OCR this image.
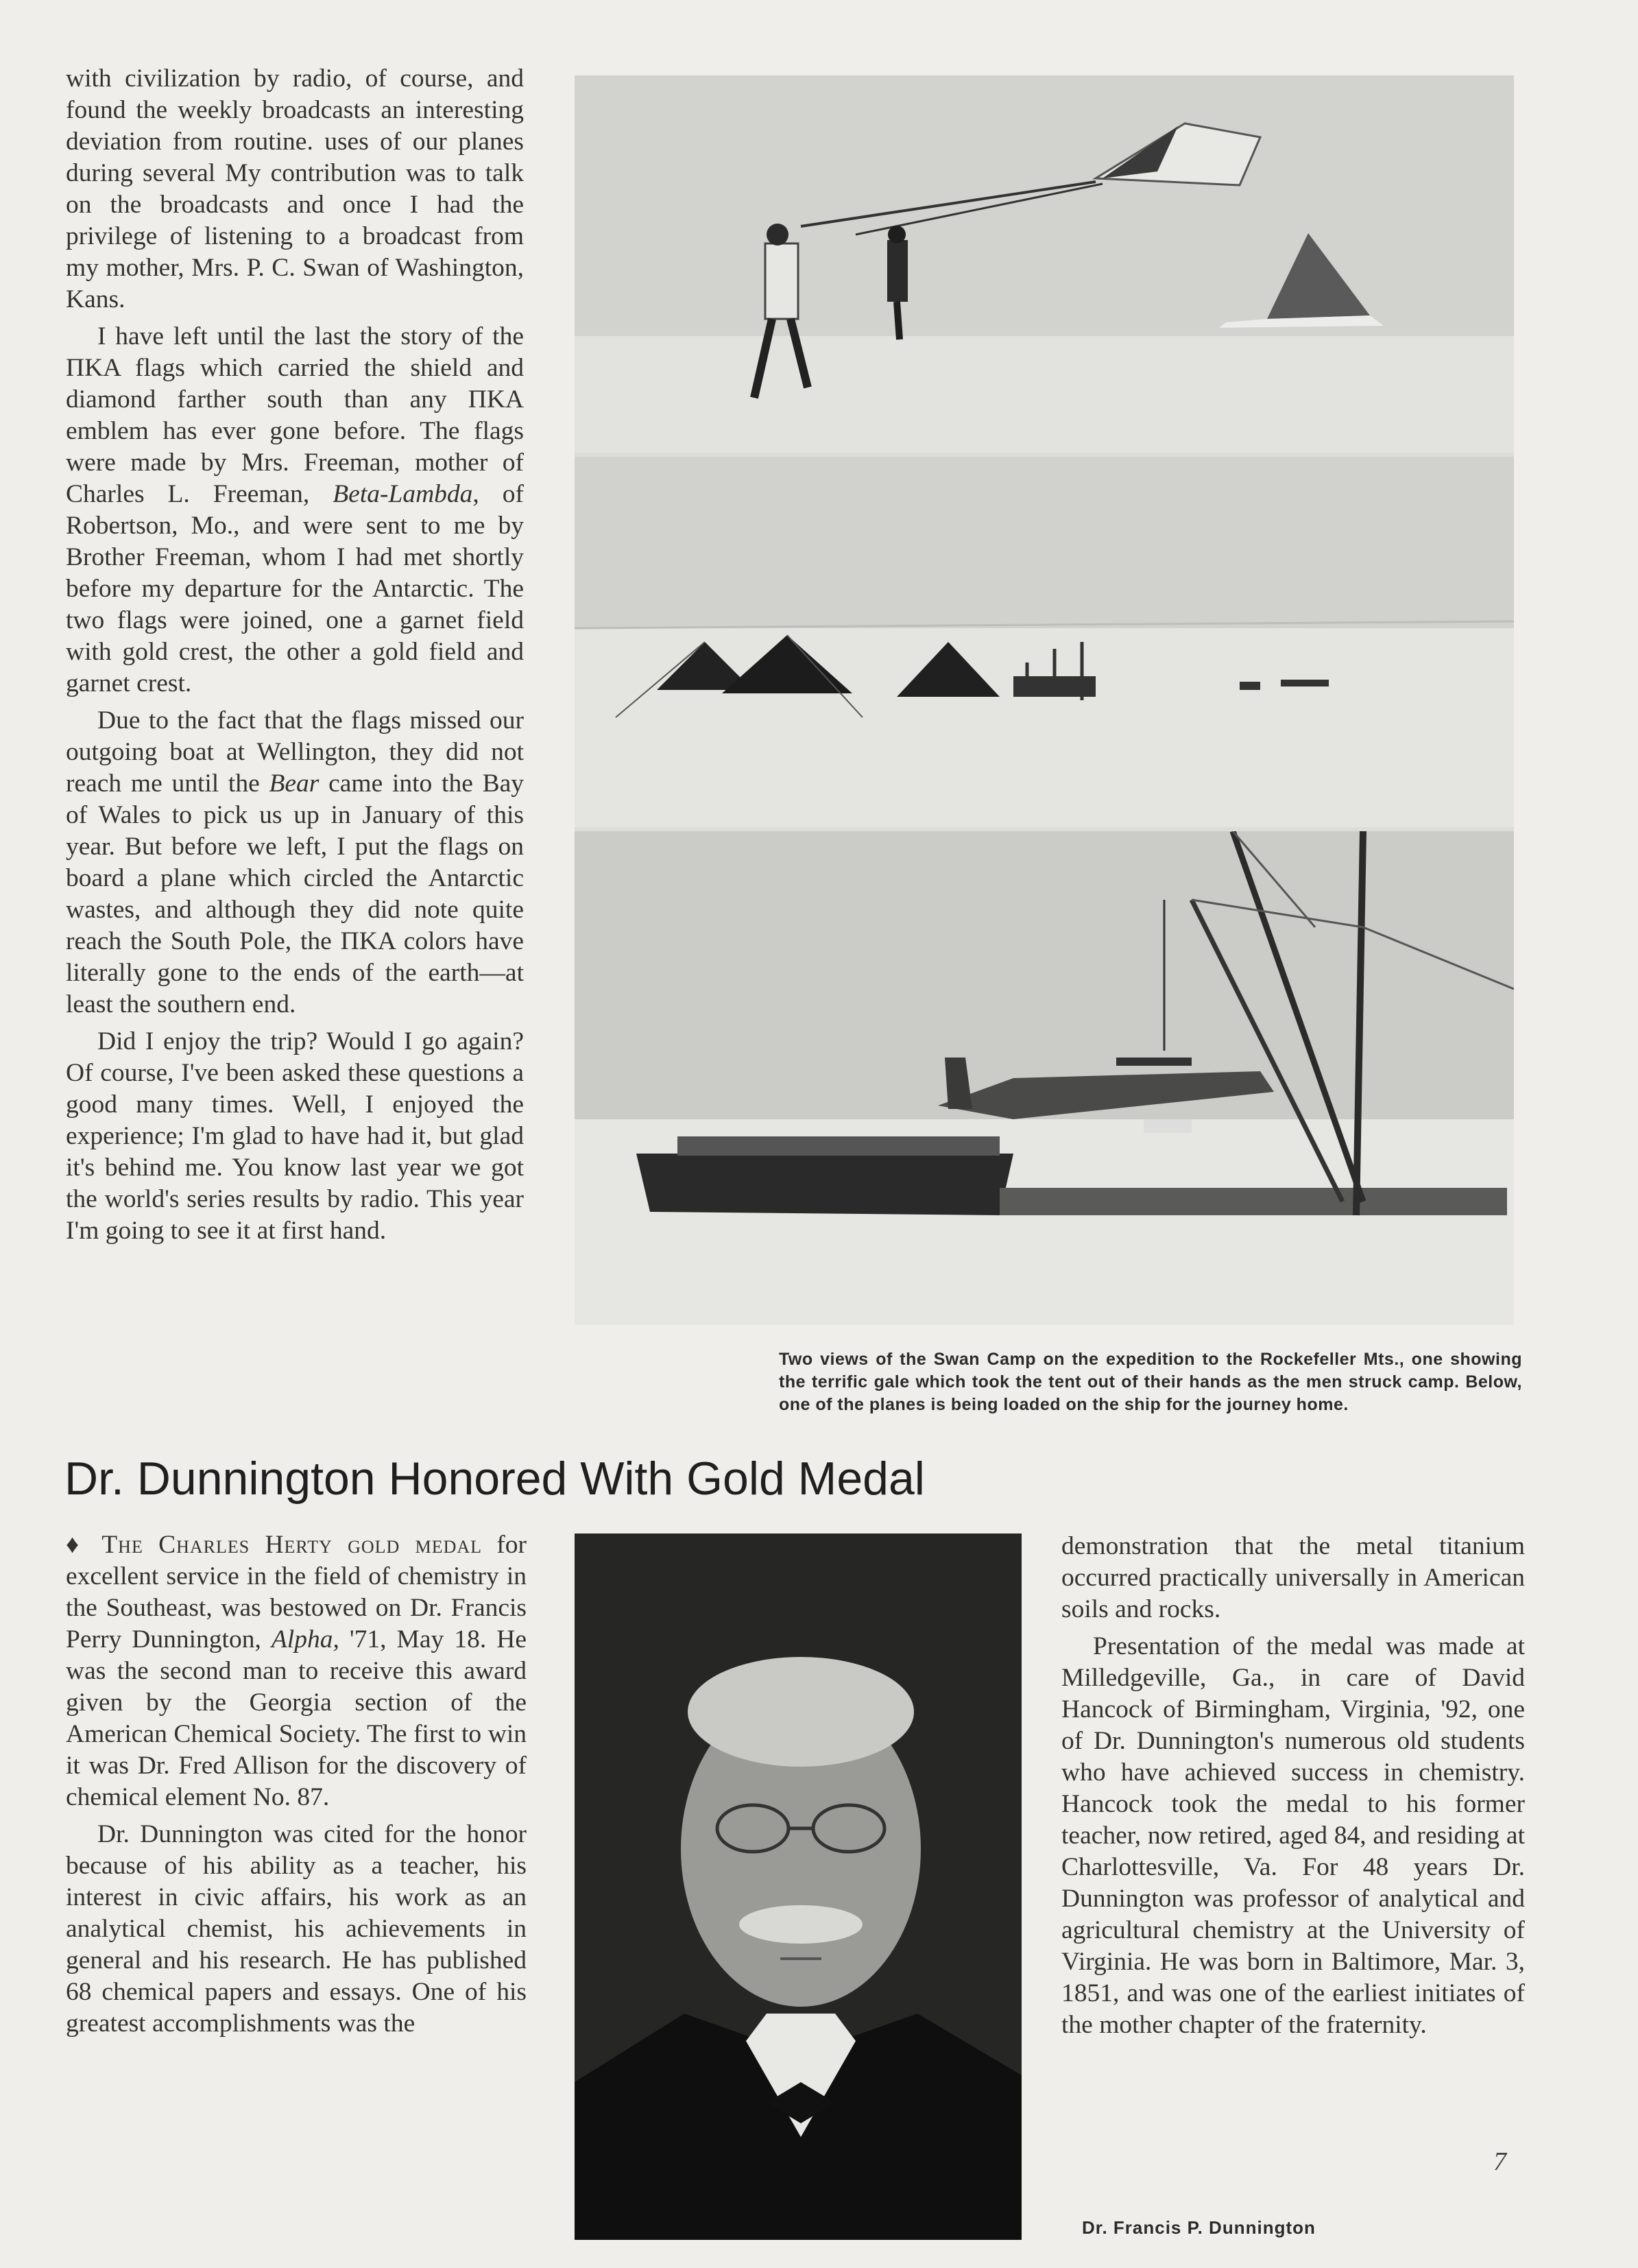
with civilization by radio, of course, and found the weekly broadcasts an interesting deviation from routine. uses of our planes during several My contribution was to talk on the broadcasts and once I had the privilege of listening to a broadcast from my mother, Mrs. P. C. Swan of Washington, Kans.

I have left until the last the story of the ΠΚΑ flags which carried the shield and diamond farther south than any ΠΚΑ emblem has ever gone before. The flags were made by Mrs. Freeman, mother of Charles L. Freeman, Beta-Lambda, of Robertson, Mo., and were sent to me by Brother Freeman, whom I had met shortly before my departure for the Antarctic. The two flags were joined, one a garnet field with gold crest, the other a gold field and garnet crest.

Due to the fact that the flags missed our outgoing boat at Wellington, they did not reach me until the Bear came into the Bay of Wales to pick us up in January of this year. But before we left, I put the flags on board a plane which circled the Antarctic wastes, and although they did note quite reach the South Pole, the ΠΚΑ colors have literally gone to the ends of the earth—at least the southern end.

Did I enjoy the trip? Would I go again? Of course, I've been asked these questions a good many times. Well, I enjoyed the experience; I'm glad to have had it, but glad it's behind me. You know last year we got the world's series results by radio. This year I'm going to see it at first hand.

Two views of the Swan Camp on the expedition to the Rockefeller Mts., one showing the terrific gale which took the tent out of their hands as the men struck camp. Below, one of the planes is being loaded on the ship for the journey home.
Dr. Dunnington Honored With Gold Medal

♦ The Charles Herty gold medal for excellent service in the field of chemistry in the Southeast, was bestowed on Dr. Francis Perry Dunnington, Alpha, '71, May 18. He was the second man to receive this award given by the Georgia section of the American Chemical Society. The first to win it was Dr. Fred Allison for the discovery of chemical element No. 87.

Dr. Dunnington was cited for the honor because of his ability as a teacher, his interest in civic affairs, his work as an analytical chemist, his achievements in general and his research. He has published 68 chemical papers and essays. One of his greatest accomplishments was the

demonstration that the metal titanium occurred practically universally in American soils and rocks.

Presentation of the medal was made at Milledgeville, Ga., in care of David Hancock of Birmingham, Virginia, '92, one of Dr. Dunnington's numerous old students who have achieved success in chemistry. Hancock took the medal to his former teacher, now retired, aged 84, and residing at Charlottesville, Va. For 48 years Dr. Dunnington was professor of analytical and agricultural chemistry at the University of Virginia. He was born in Baltimore, Mar. 3, 1851, and was one of the earliest initiates of the mother chapter of the fraternity.

7

Dr. Francis P. Dunnington
